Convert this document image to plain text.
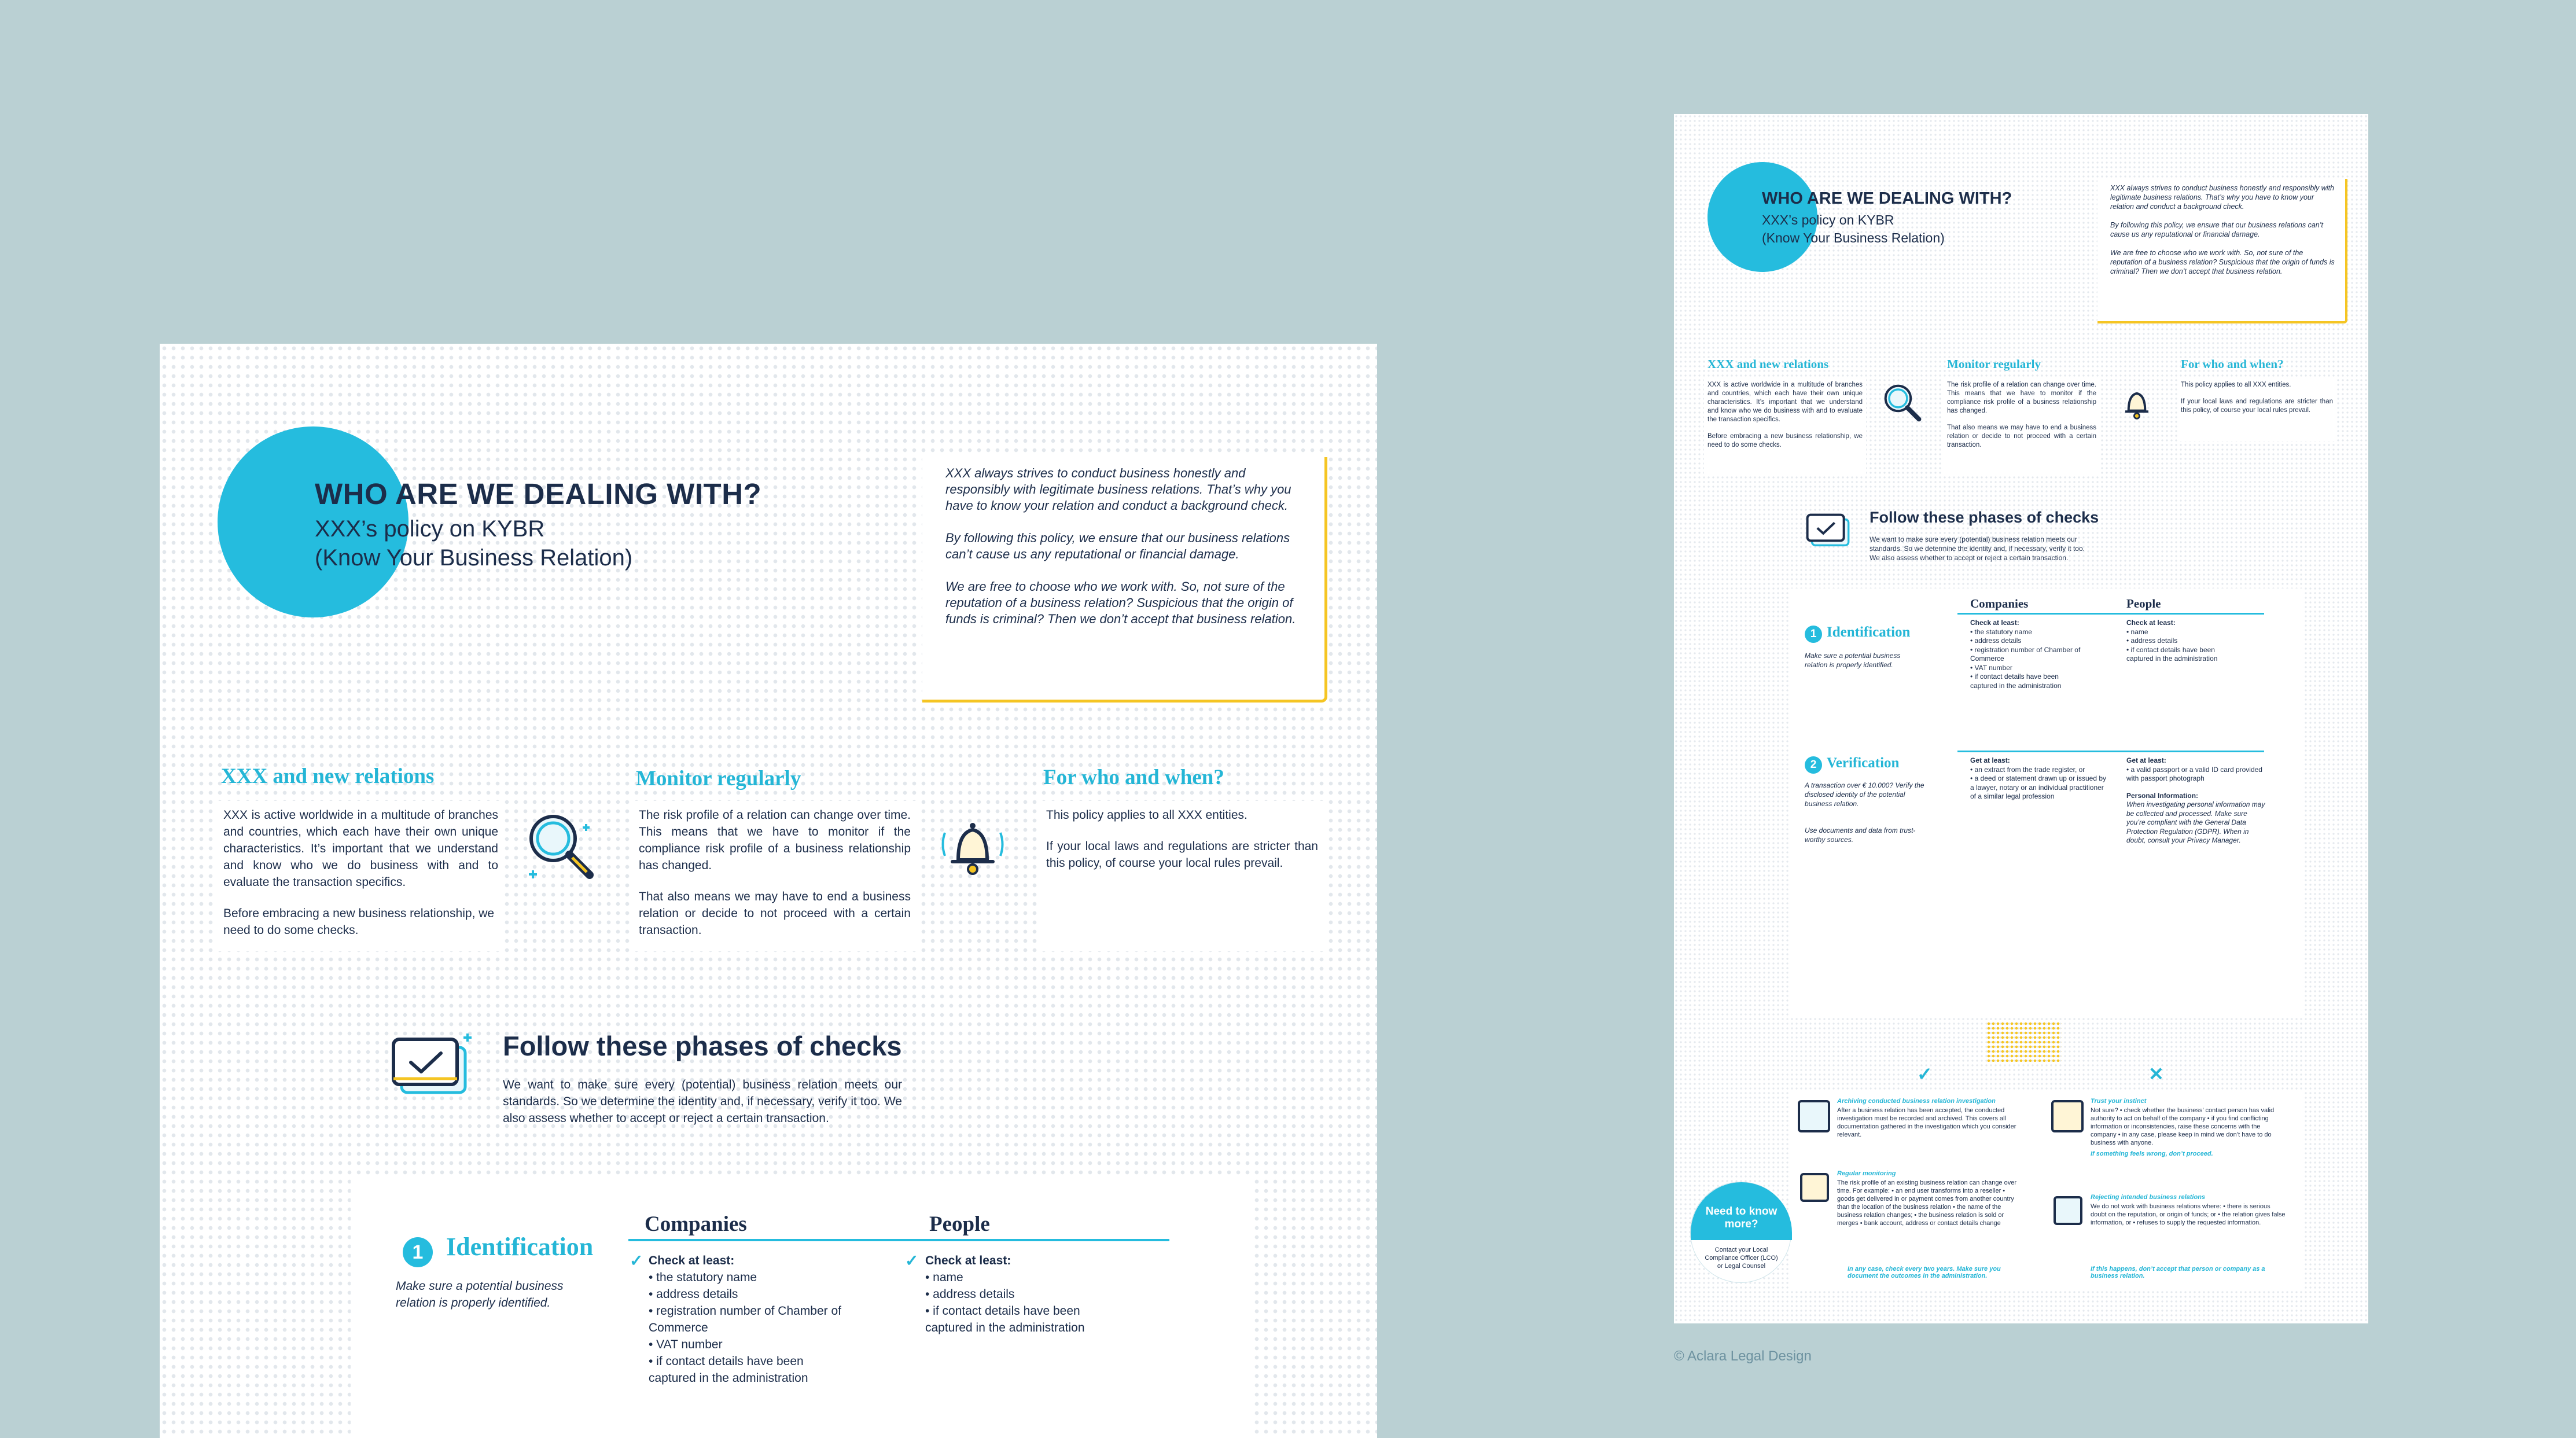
WHO ARE WE DEALING WITH?
XXX’s policy on KYBR
(Know Your Business Relation)

XXX always strives to conduct business honestly and responsibly with legitimate business relations. That’s why you have to know your relation and conduct a background check.

By following this policy, we ensure that our business relations can’t cause us any reputational or financial damage.

We are free to choose who we work with. So, not sure of the reputation of a business relation? Suspicious that the origin of funds is criminal? Then we don’t accept that business relation.

XXX and new relations

XXX is active worldwide in a multitude of branches and countries, which each have their own unique characteristics. It’s important that we understand and know who we do business with and to evaluate the transaction specifics.

Before embracing a new business relationship, we need to do some checks.

Monitor regularly

The risk profile of a relation can change over time. This means that we have to monitor if the compliance risk profile of a business relationship has changed.

That also means we may have to end a business relation or decide to not proceed with a certain transaction.

For who and when?

This policy applies to all XXX entities.

If your local laws and regulations are stricter than this policy, of course your local rules prevail.

Follow these phases of checks
We want to make sure every (potential) business relation meets our standards. So we determine the identity and, if necessary, verify it too. We also assess whether to accept or reject a certain transaction.
1 Identification
Make sure a potential business relation is properly identified.
Companies	People
✓ Check at least:
• the statutory name
• address details
• registration number of Chamber of
Commerce
• VAT number
• if contact details have been
captured in the administration
✓ Check at least:
• name
• address details
• if contact details have been
captured in the administration
WHO ARE WE DEALING WITH?
XXX’s policy on KYBR
(Know Your Business Relation)

XXX always strives to conduct business honestly and responsibly with legitimate business relations. That’s why you have to know your relation and conduct a background check.

By following this policy, we ensure that our business relations can’t cause us any reputational or financial damage.

We are free to choose who we work with. So, not sure of the reputation of a business relation? Suspicious that the origin of funds is criminal? Then we don’t accept that business relation.

XXX and new relations

XXX is active worldwide in a multitude of branches and countries, which each have their own unique characteristics. It’s important that we understand and know who we do business with and to evaluate the transaction specifics.

Before embracing a new business relationship, we need to do some checks.

Monitor regularly

The risk profile of a relation can change over time. This means that we have to monitor if the compliance risk profile of a business relationship has changed.

That also means we may have to end a business relation or decide to not proceed with a certain transaction.

For who and when?

This policy applies to all XXX entities.

If your local laws and regulations are stricter than this policy, of course your local rules prevail.

Follow these phases of checks
We want to make sure every (potential) business relation meets our standards. So we determine the identity and, if necessary, verify it too. We also assess whether to accept or reject a certain transaction.
1 Identification
Make sure a potential business relation is properly identified.
Companies	People
Check at least:
• the statutory name
• address details
• registration number of Chamber of
Commerce
• VAT number
• if contact details have been
captured in the administration
Check at least:
• name
• address details
• if contact details have been
captured in the administration
2 Verification
A transaction over € 10.000? Verify the disclosed identity of the potential business relation.
Use documents and data from trust-worthy sources.
Get at least:
• an extract from the trade register, or
• a deed or statement drawn up or issued by a lawyer, notary or an individual practitioner of a similar legal profession
Get at least:
• a valid passport or a valid ID card provided with passport photograph
Personal Information:
When investigating personal information may be collected and processed. Make sure you’re compliant with the General Data Protection Regulation (GDPR). When in doubt, consult your Privacy Manager.
✓	✕
Archiving conducted business relation investigation
After a business relation has been accepted, the conducted investigation must be recorded and archived. This covers all documentation gathered in the investigation which you consider relevant.
Regular monitoring
The risk profile of an existing business relation can change over time. For example: • an end user transforms into a reseller • goods get delivered in or payment comes from another country than the location of the business relation • the name of the business relation changes; • the business relation is sold or merges • bank account, address or contact details change
In any case, check every two years. Make sure you document the outcomes in the administration.
Trust your instinct
Not sure? • check whether the business’ contact person has valid authority to act on behalf of the company • if you find conflicting information or inconsistencies, raise these concerns with the company • in any case, please keep in mind we don’t have to do business with anyone.
If something feels wrong, don’t proceed.
Rejecting intended business relations
We do not work with business relations where: • there is serious doubt on the reputation, or origin of funds; or • the relation gives false information, or • refuses to supply the requested information.
If this happens, don’t accept that person or company as a business relation.
Need to know more?
Contact your Local Compliance Officer (LCO) or Legal Counsel
© Aclara Legal Design
